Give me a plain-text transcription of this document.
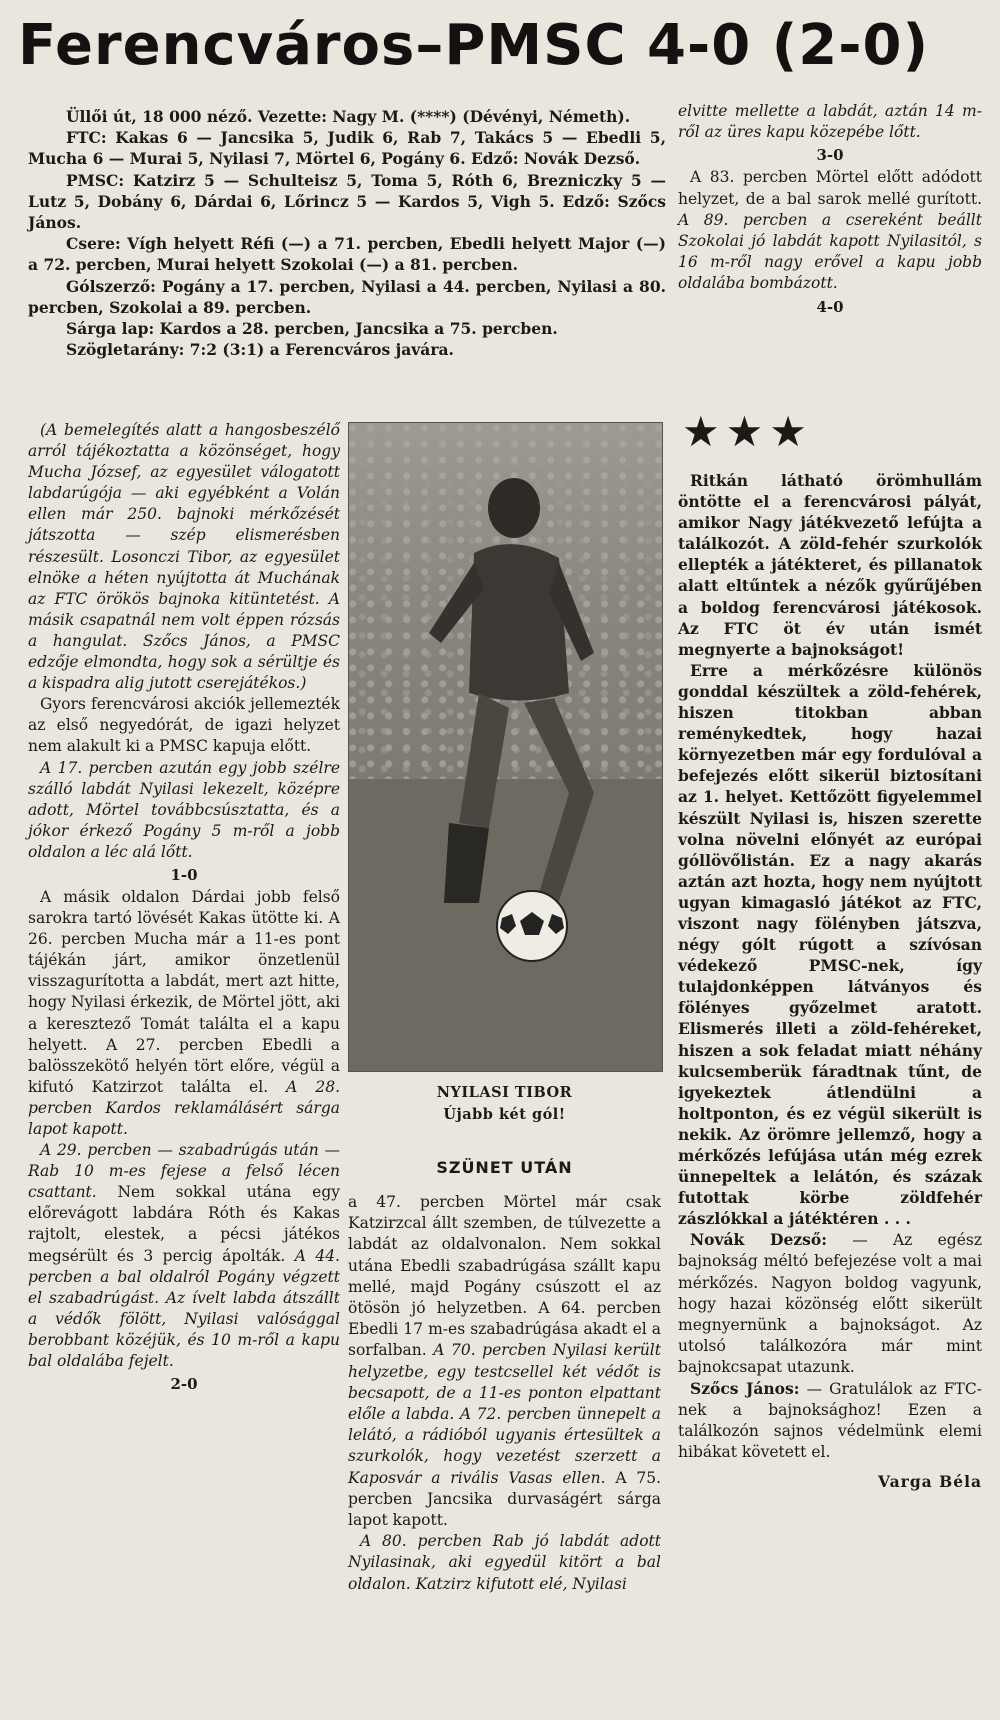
Ferencváros–PMSC 4-0 (2-0)

Üllői út, 18 000 néző. Vezette: Nagy M. (****) (Dévényi, Németh).

FTC: Kakas 6 — Jancsika 5, Judik 6, Rab 7, Takács 5 — Ebedli 5, Mucha 6 — Murai 5, Nyilasi 7, Mörtel 6, Pogány 6. Edző: Novák Dezső.

PMSC: Katzirz 5 — Schulteisz 5, Toma 5, Róth 6, Brezniczky 5 — Lutz 5, Dobány 6, Dárdai 6, Lőrincz 5 — Kardos 5, Vigh 5. Edző: Szőcs János.

Csere: Vígh helyett Réfi (—) a 71. percben, Ebedli helyett Major (—) a 72. percben, Murai helyett Szokolai (—) a 81. percben.

Gólszerző: Pogány a 17. percben, Nyilasi a 44. percben, Nyilasi a 80. percben, Szokolai a 89. percben.

Sárga lap: Kardos a 28. percben, Jancsika a 75. percben.

Szögletarány: 7:2 (3:1) a Ferencváros javára.

(A bemelegítés alatt a hangosbeszélő arról tájékoztatta a közönséget, hogy Mucha József, az egyesület válogatott labdarúgója — aki egyébként a Volán ellen már 250. bajnoki mérkőzését játszotta — szép elismerésben részesült. Losonczi Tibor, az egyesület elnöke a héten nyújtotta át Muchának az FTC örökös bajnoka kitüntetést. A másik csapatnál nem volt éppen rózsás a hangulat. Szőcs János, a PMSC edzője elmondta, hogy sok a sérültje és a kispadra alig jutott cserejátékos.)

Gyors ferencvárosi akciók jellemezték az első negyedórát, de igazi helyzet nem alakult ki a PMSC kapuja előtt.

A 17. percben azután egy jobb szélre szálló labdát Nyilasi lekezelt, középre adott, Mörtel továbbcsúsztatta, és a jókor érkező Pogány 5 m-ről a jobb oldalon a léc alá lőtt.

1-0

A másik oldalon Dárdai jobb felső sarokra tartó lövését Kakas ütötte ki. A 26. percben Mucha már a 11-es pont tájékán járt, amikor önzetlenül visszagurította a labdát, mert azt hitte, hogy Nyilasi érkezik, de Mörtel jött, aki a keresztező Tomát találta el a kapu helyett. A 27. percben Ebedli a balösszekötő helyén tört előre, végül a kifutó Katzirzot találta el. A 28. percben Kardos reklamálásért sárga lapot kapott.

A 29. percben — szabadrúgás után — Rab 10 m-es fejese a felső lécen csattant. Nem sokkal utána egy előrevágott labdára Róth és Kakas rajtolt, elestek, a pécsi játékos megsérült és 3 percig ápolták. A 44. percben a bal oldalról Pogány végzett el szabadrúgást. Az ívelt labda átszállt a védők fölött, Nyilasi valósággal berobbant közéjük, és 10 m-ről a kapu bal oldalába fejelt.

2-0
NYILASI TIBOR
Újabb két gól!
SZÜNET UTÁN

a 47. percben Mörtel már csak Katzirzcal állt szemben, de túlvezette a labdát az oldalvonalon. Nem sokkal utána Ebedli szabadrúgása szállt kapu mellé, majd Pogány csúszott el az ötösön jó helyzetben. A 64. percben Ebedli 17 m-es szabadrúgása akadt el a sorfalban. A 70. percben Nyilasi került helyzetbe, egy testcsellel két védőt is becsapott, de a 11-es ponton elpattant előle a labda. A 72. percben ünnepelt a lelátó, a rádióból ugyanis értesültek a szurkolók, hogy vezetést szerzett a Kaposvár a rivális Vasas ellen. A 75. percben Jancsika durvaságért sárga lapot kapott.

A 80. percben Rab jó labdát adott Nyilasinak, aki egyedül kitört a bal oldalon. Katzirz kifutott elé, Nyilasi

elvitte mellette a labdát, aztán 14 m-ről az üres kapu közepébe lőtt.

3-0

A 83. percben Mörtel előtt adódott helyzet, de a bal sarok mellé gurított. A 89. percben a csereként beállt Szokolai jó labdát kapott Nyilasitól, s 16 m-ről nagy erővel a kapu jobb oldalába bombázott.

4-0
★★★

Ritkán látható örömhullám öntötte el a ferencvárosi pályát, amikor Nagy játékvezető lefújta a találkozót. A zöld-fehér szurkolók ellepték a játékteret, és pillanatok alatt eltűntek a nézők gyűrűjében a boldog ferencvárosi játékosok. Az FTC öt év után ismét megnyerte a bajnokságot!

Erre a mérkőzésre különös gonddal készültek a zöld-fehérek, hiszen titokban abban reménykedtek, hogy hazai környezetben már egy fordulóval a befejezés előtt sikerül biztosítani az 1. helyet. Kettőzött figyelemmel készült Nyilasi is, hiszen szerette volna növelni előnyét az európai góllövőlistán. Ez a nagy akarás aztán azt hozta, hogy nem nyújtott ugyan kimagasló játékot az FTC, viszont nagy fölényben játszva, négy gólt rúgott a szívósan védekező PMSC-nek, így tulajdonképpen látványos és fölényes győzelmet aratott. Elismerés illeti a zöld-fehéreket, hiszen a sok feladat miatt néhány kulcsemberük fáradtnak tűnt, de igyekeztek átlendülni a holtponton, és ez végül sikerült is nekik. Az örömre jellemző, hogy a mérkőzés lefújása után még ezrek ünnepeltek a lelátón, és százak futottak körbe zöldfehér zászlókkal a játéktéren . . .

Novák Dezső: — Az egész bajnokság méltó befejezése volt a mai mérkőzés. Nagyon boldog vagyunk, hogy hazai közönség előtt sikerült megnyernünk a bajnokságot. Az utolsó találkozóra már mint bajnokcsapat utazunk.

Szőcs János: — Gratulálok az FTC-nek a bajnoksághoz! Ezen a találkozón sajnos védelmünk elemi hibákat követett el.

Varga Béla
